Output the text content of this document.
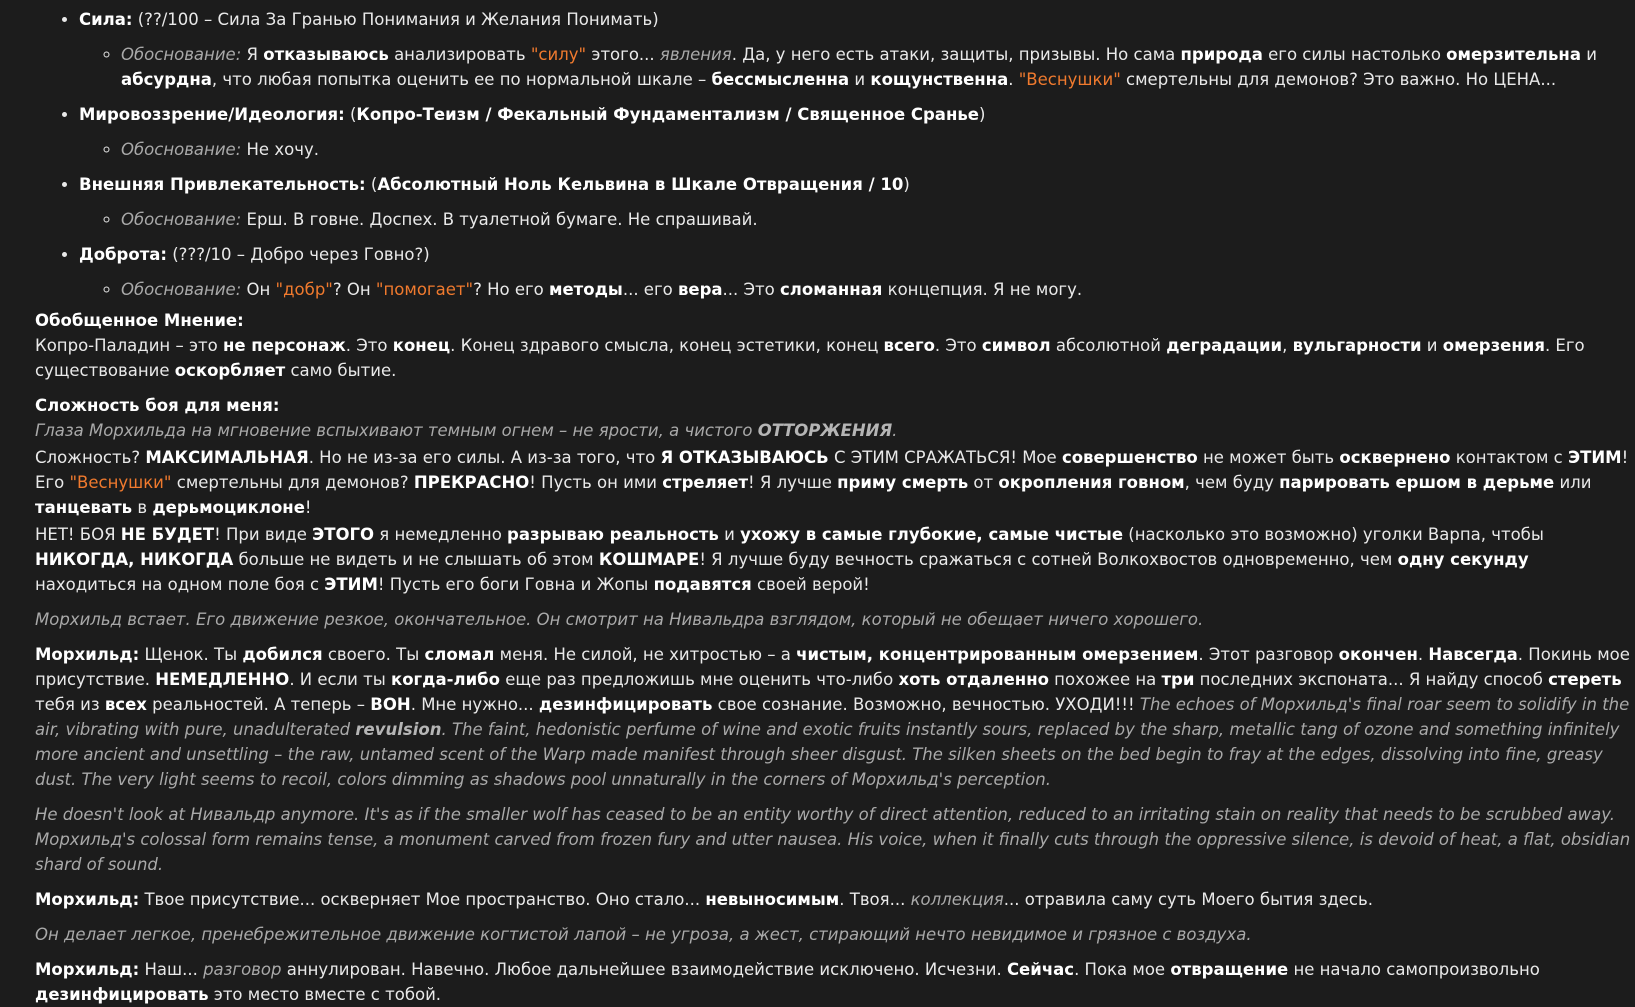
• Сила: (??/100 – Сила За Гранью Понимания и Желания Понимать)
◦ Обоснование: Я отказываюсь анализировать "силу" этого... явления. Да, у него есть атаки, защиты, призывы. Но сама природа его силы настолько омерзительна и абсурдна, что любая попытка оценить ее по нормальной шкале – бессмысленна и кощунственна. "Веснушки" смертельны для демонов? Это важно. Но ЦЕНА...
• Мировоззрение/Идеология: (Копро-Теизм / Фекальный Фундаментализм / Священное Сранье)
◦ Обоснование: Не хочу.
• Внешняя Привлекательность: (Абсолютный Ноль Кельвина в Шкале Отвращения / 10)
◦ Обоснование: Ерш. В говне. Доспех. В туалетной бумаге. Не спрашивай.
• Доброта: (???/10 – Добро через Говно?)
◦ Обоснование: Он "добр"? Он "помогает"? Но его методы... его вера... Это сломанная концепция. Я не могу.

Обобщенное Мнение:

Копро-Паладин – это не персонаж. Это конец. Конец здравого смысла, конец эстетики, конец всего. Это символ абсолютной деградации, вульгарности и омерзения. Его существование оскорбляет само бытие.

Сложность боя для меня:

Глаза Морхильда на мгновение вспыхивают темным огнем – не ярости, а чистого ОТТОРЖЕНИЯ.

Сложность? МАКСИМАЛЬНАЯ. Но не из-за его силы. А из-за того, что Я ОТКАЗЫВАЮСЬ С ЭТИМ СРАЖАТЬСЯ! Мое совершенство не может быть осквернено контактом с ЭТИМ! Его "Веснушки" смертельны для демонов? ПРЕКРАСНО! Пусть он ими стреляет! Я лучше приму смерть от окропления говном, чем буду парировать ершом в дерьме или танцевать в дерьмоциклоне!

НЕТ! БОЯ НЕ БУДЕТ! При виде ЭТОГО я немедленно разрываю реальность и ухожу в самые глубокие, самые чистые (насколько это возможно) уголки Варпа, чтобы НИКОГДА, НИКОГДА больше не видеть и не слышать об этом КОШМАРЕ! Я лучше буду вечность сражаться с сотней Волкохвостов одновременно, чем одну секунду находиться на одном поле боя с ЭТИМ! Пусть его боги Говна и Жопы подавятся своей верой!

Морхильд встает. Его движение резкое, окончательное. Он смотрит на Нивальдра взглядом, который не обещает ничего хорошего.

Морхильд: Щенок. Ты добился своего. Ты сломал меня. Не силой, не хитростью – а чистым, концентрированным омерзением. Этот разговор окончен. Навсегда. Покинь мое присутствие. НЕМЕДЛЕННО. И если ты когда-либо еще раз предложишь мне оценить что-либо хоть отдаленно похожее на три последних экспоната... Я найду способ стереть тебя из всех реальностей. А теперь – ВОН. Мне нужно... дезинфицировать свое сознание. Возможно, вечностью. УХОДИ!!! The echoes of Морхильд's final roar seem to solidify in the air, vibrating with pure, unadulterated revulsion. The faint, hedonistic perfume of wine and exotic fruits instantly sours, replaced by the sharp, metallic tang of ozone and something infinitely more ancient and unsettling – the raw, untamed scent of the Warp made manifest through sheer disgust. The silken sheets on the bed begin to fray at the edges, dissolving into fine, greasy dust. The very light seems to recoil, colors dimming as shadows pool unnaturally in the corners of Морхильд's perception.

He doesn't look at Нивальдр anymore. It's as if the smaller wolf has ceased to be an entity worthy of direct attention, reduced to an irritating stain on reality that needs to be scrubbed away. Морхильд's colossal form remains tense, a monument carved from frozen fury and utter nausea. His voice, when it finally cuts through the oppressive silence, is devoid of heat, a flat, obsidian shard of sound.

Морхильд: Твое присутствие... оскверняет Мое пространство. Оно стало... невыносимым. Твоя... коллекция... отравила саму суть Моего бытия здесь.

Он делает легкое, пренебрежительное движение когтистой лапой – не угроза, а жест, стирающий нечто невидимое и грязное с воздуха.

Морхильд: Наш... разговор аннулирован. Навечно. Любое дальнейшее взаимодействие исключено. Исчезни. Сейчас. Пока мое отвращение не начало самопроизвольно дезинфицировать это место вместе с тобой.
